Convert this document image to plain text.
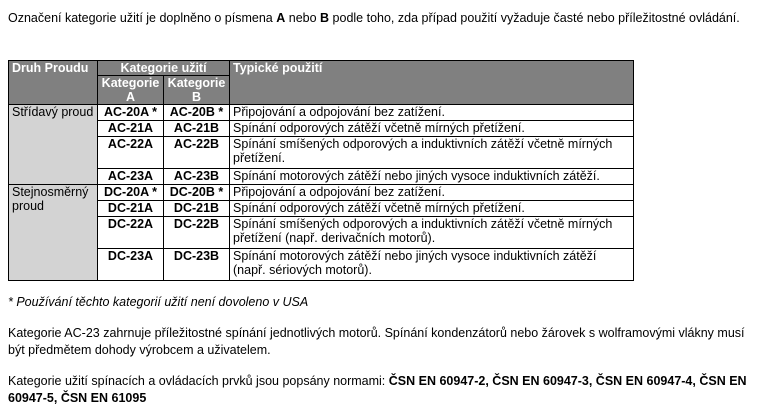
Označení kategorie užití je doplněno o písmena A nebo B podle toho, zda případ použití vyžaduje časté nebo příležitostné ovládání.

Druh Proudu	Kategorie užití		Typické použití
	Kategorie A	Kategorie B	
Střídavý proud	AC-20A *	AC-20B *	Připojování a odpojování bez zatížení.
	AC-21A	AC-21B	Spínání odporových zátěží včetně mírných přetížení.
	AC-22A	AC-22B	Spínání smíšených odporových a induktivních zátěží včetně mírných přetížení.
	AC-23A	AC-23B	Spínání motorových zátěží nebo jiných vysoce induktivních zátěží.
Stejnosměrný proud	DC-20A *	DC-20B *	Připojování a odpojování bez zatížení.
	DC-21A	DC-21B	Spínání odporových zátěží včetně mírných přetížení.
	DC-22A	DC-22B	Spínání smíšených odporových a induktivních zátěží včetně mírných přetížení (např. derivačních motorů).
	DC-23A	DC-23B	Spínání motorových zátěží nebo jiných vysoce induktivních zátěží (např. sériových motorů).

* Používání těchto kategorií užití není dovoleno v USA

Kategorie AC-23 zahrnuje příležitostné spínání jednotlivých motorů. Spínání kondenzátorů nebo žárovek s wolframovými vlákny musí být předmětem dohody výrobcem a uživatelem.

Kategorie užití spínacích a ovládacích prvků jsou popsány normami: ČSN EN 60947-2, ČSN EN 60947-3, ČSN EN 60947-4, ČSN EN 60947-5, ČSN EN 61095
